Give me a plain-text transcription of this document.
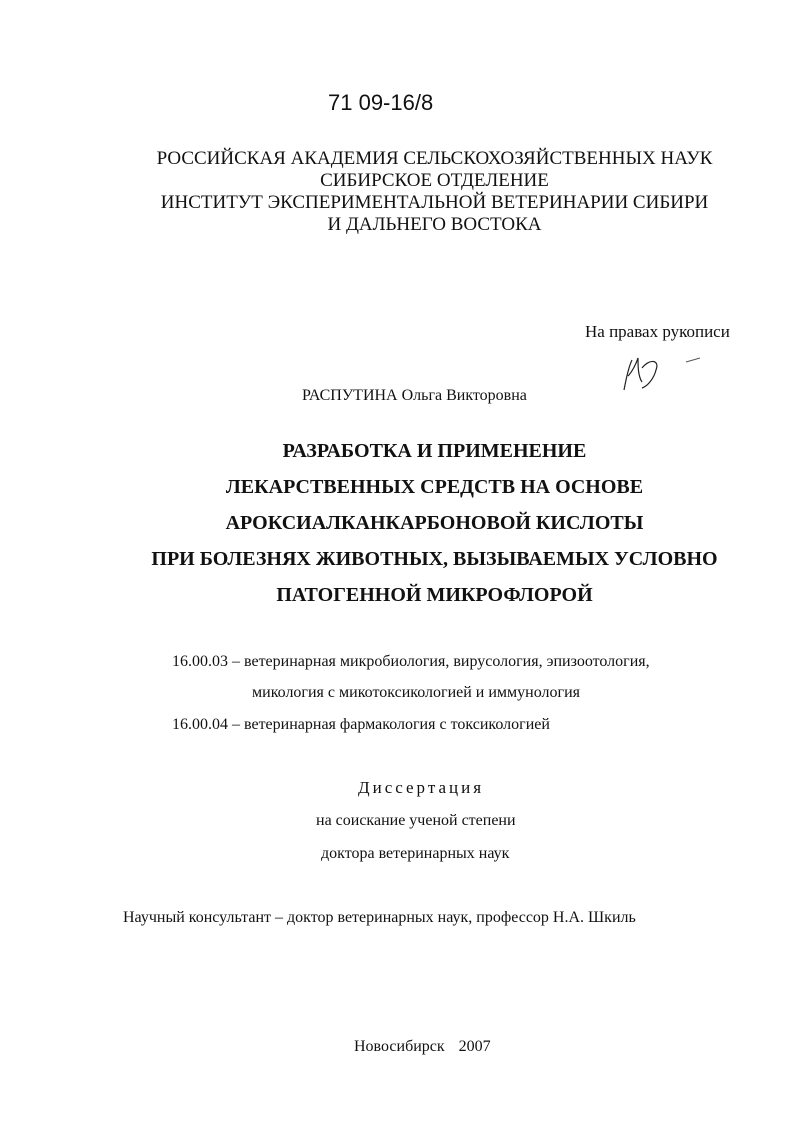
71 09-16/8
РОССИЙСКАЯ АКАДЕМИЯ СЕЛЬСКОХОЗЯЙСТВЕННЫХ НАУК
СИБИРСКОЕ ОТДЕЛЕНИЕ
ИНСТИТУТ ЭКСПЕРИМЕНТАЛЬНОЙ ВЕТЕРИНАРИИ СИБИРИ
И ДАЛЬНЕГО ВОСТОКА
На правах рукописи
РАСПУТИНА Ольга Викторовна
РАЗРАБОТКА И ПРИМЕНЕНИЕ
ЛЕКАРСТВЕННЫХ СРЕДСТВ НА ОСНОВЕ
АРОКСИАЛКАНКАРБОНОВОЙ КИСЛОТЫ
ПРИ БОЛЕЗНЯХ ЖИВОТНЫХ, ВЫЗЫВАЕМЫХ УСЛОВНО
ПАТОГЕННОЙ МИКРОФЛОРОЙ
16.00.03 – ветеринарная микробиология, вирусология, эпизоотология,
микология с микотоксикологией и иммунология
16.00.04 – ветеринарная фармакология с токсикологией
Диссертация
на соискание ученой степени
доктора ветеринарных наук
Научный консультант – доктор ветеринарных наук, профессор Н.А. Шкиль
Новосибирск 2007
